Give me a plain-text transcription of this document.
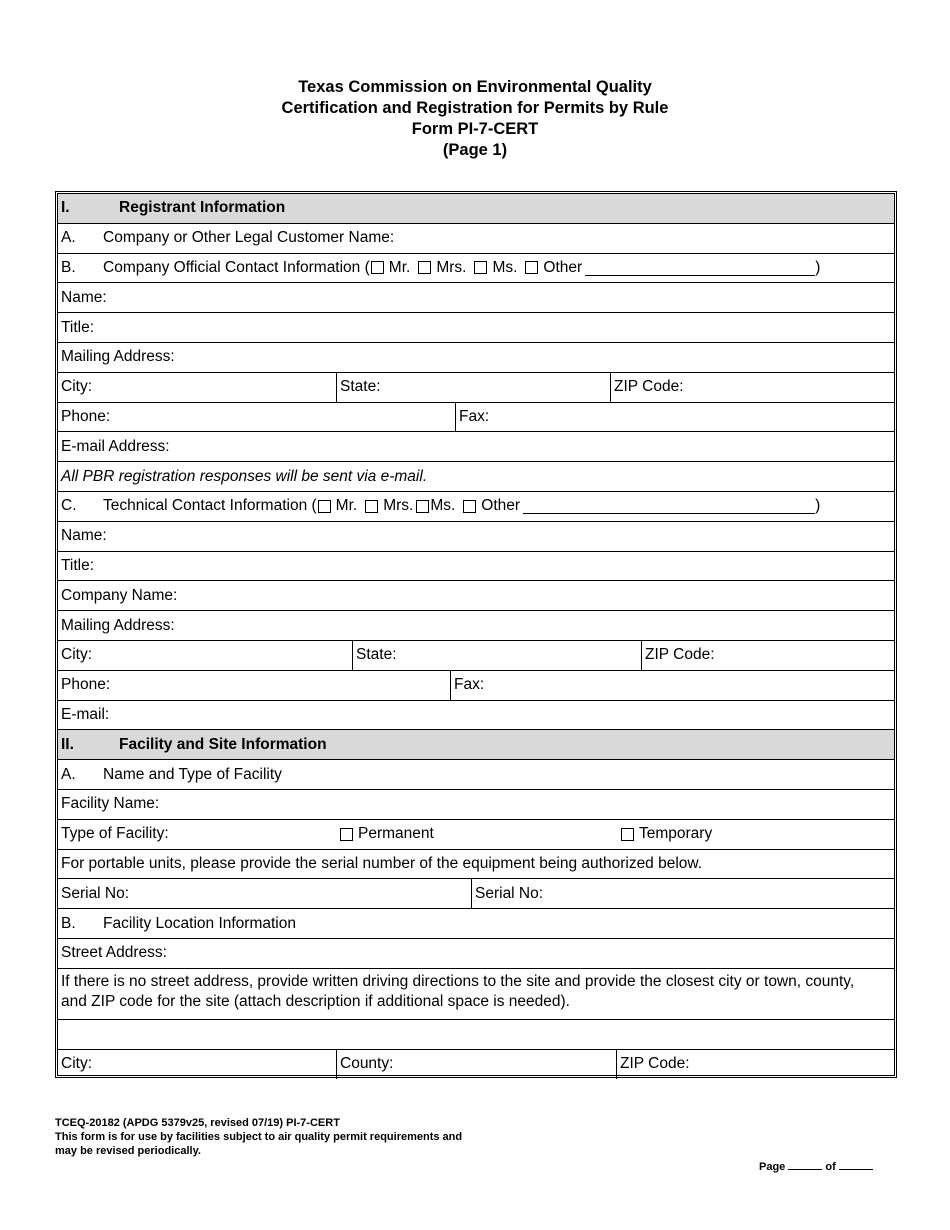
Texas Commission on Environmental Quality
Certification and Registration for Permits by Rule
Form PI-7-CERT
(Page 1)
I.	Registrant Information
A.	Company or Other Legal Customer Name:
B.	Company Official Contact Information ( Mr. Mrs. Ms. Other	)
Name:
Title:
Mailing Address:
City:	State:	ZIP Code:
Phone:	Fax:
E-mail Address:
All PBR registration responses will be sent via e-mail.
C.	Technical Contact Information ( Mr. Mrs. Ms. Other	)
Name:
Title:
Company Name:
Mailing Address:
City:	State:	ZIP Code:
Phone:	Fax:
E-mail:
II.	Facility and Site Information
A.	Name and Type of Facility
Facility Name:
Type of Facility:	Permanent	Temporary
For portable units, please provide the serial number of the equipment being authorized below.
Serial No:	Serial No:
B.	Facility Location Information
Street Address:
If there is no street address, provide written driving directions to the site and provide the closest city or town, county, and ZIP code for the site (attach description if additional space is needed).
City:	County:	ZIP Code:
TCEQ-20182 (APDG 5379v25, revised 07/19) PI-7-CERT
This form is for use by facilities subject to air quality permit requirements and
may be revised periodically.
Page	of
